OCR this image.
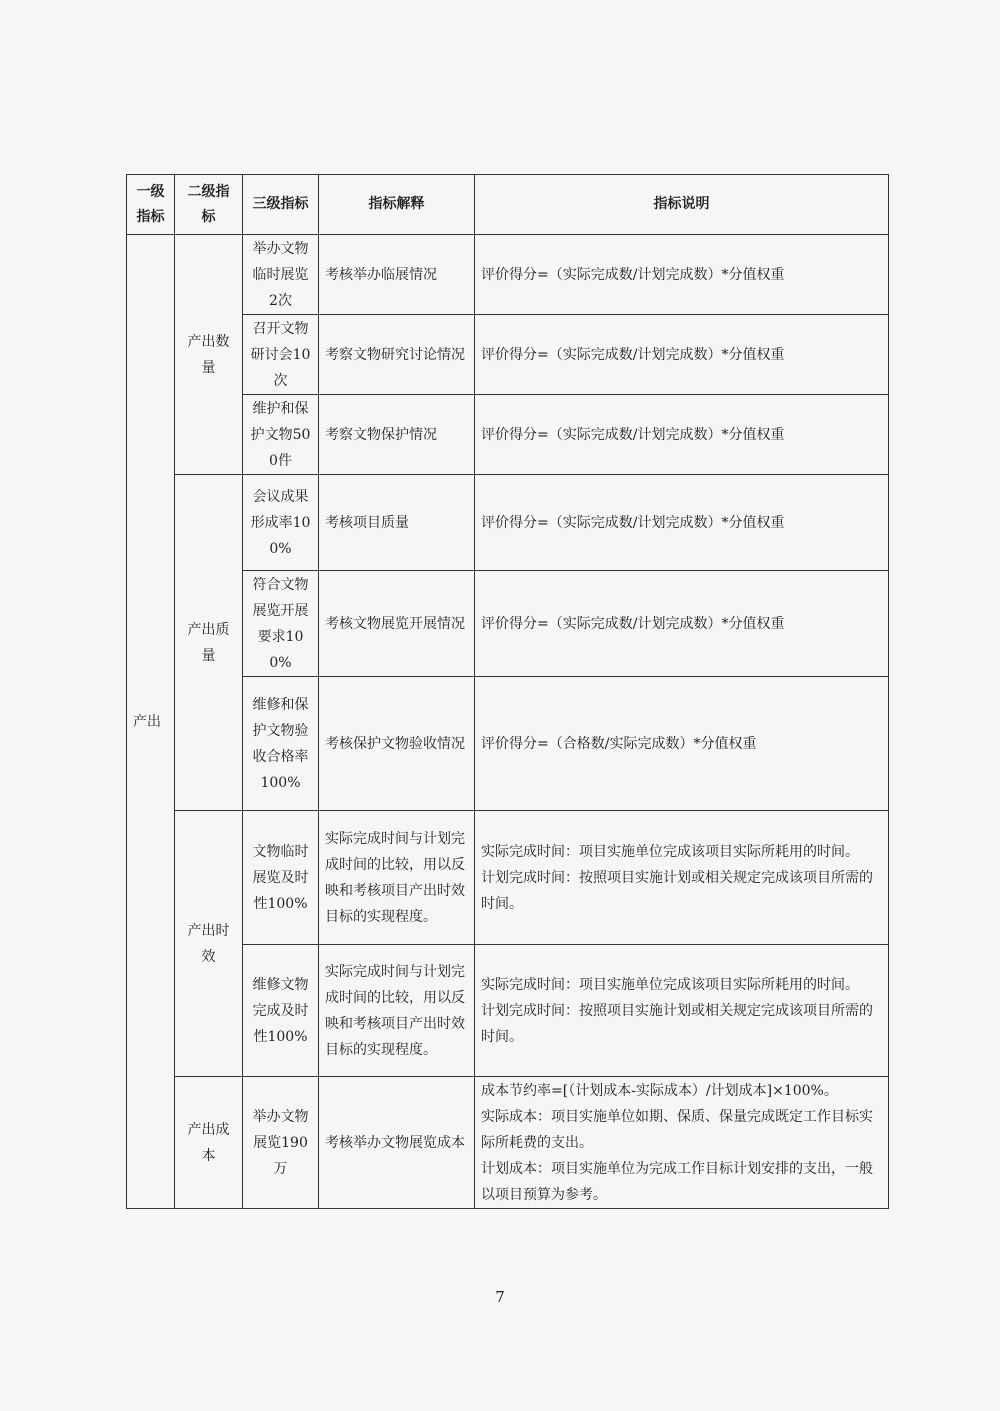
一级指标	二级指标	三级指标	指标解释	指标说明
产出	产出数量	举办文物临时展览2次	考核举办临展情况	评价得分=（实际完成数/计划完成数）*分值权重
		召开文物研讨会10次	考察文物研究讨论情况	评价得分=（实际完成数/计划完成数）*分值权重
		维护和保护文物500件	考察文物保护情况	评价得分=（实际完成数/计划完成数）*分值权重
	产出质量	会议成果形成率100%	考核项目质量	评价得分=（实际完成数/计划完成数）*分值权重
		符合文物展览开展要求100%	考核文物展览开展情况	评价得分=（实际完成数/计划完成数）*分值权重
		维修和保护文物验收合格率100%	考核保护文物验收情况	评价得分=（合格数/实际完成数）*分值权重
	产出时效	文物临时展览及时性100%	实际完成时间与计划完成时间的比较，用以反映和考核项目产出时效目标的实现程度。	实际完成时间：项目实施单位完成该项目实际所耗用的时间。
计划完成时间：按照项目实施计划或相关规定完成该项目所需的时间。

		维修文物完成及时性100%	实际完成时间与计划完成时间的比较，用以反映和考核项目产出时效目标的实现程度。	实际完成时间：项目实施单位完成该项目实际所耗用的时间。
计划完成时间：按照项目实施计划或相关规定完成该项目所需的时间。

	产出成本	举办文物展览190万	考核举办文物展览成本	成本节约率=[（计划成本-实际成本）/计划成本]×100%。
实际成本：项目实施单位如期、保质、保量完成既定工作目标实际所耗费的支出。
计划成本：项目实施单位为完成工作目标计划安排的支出，一般以项目预算为参考。
7
